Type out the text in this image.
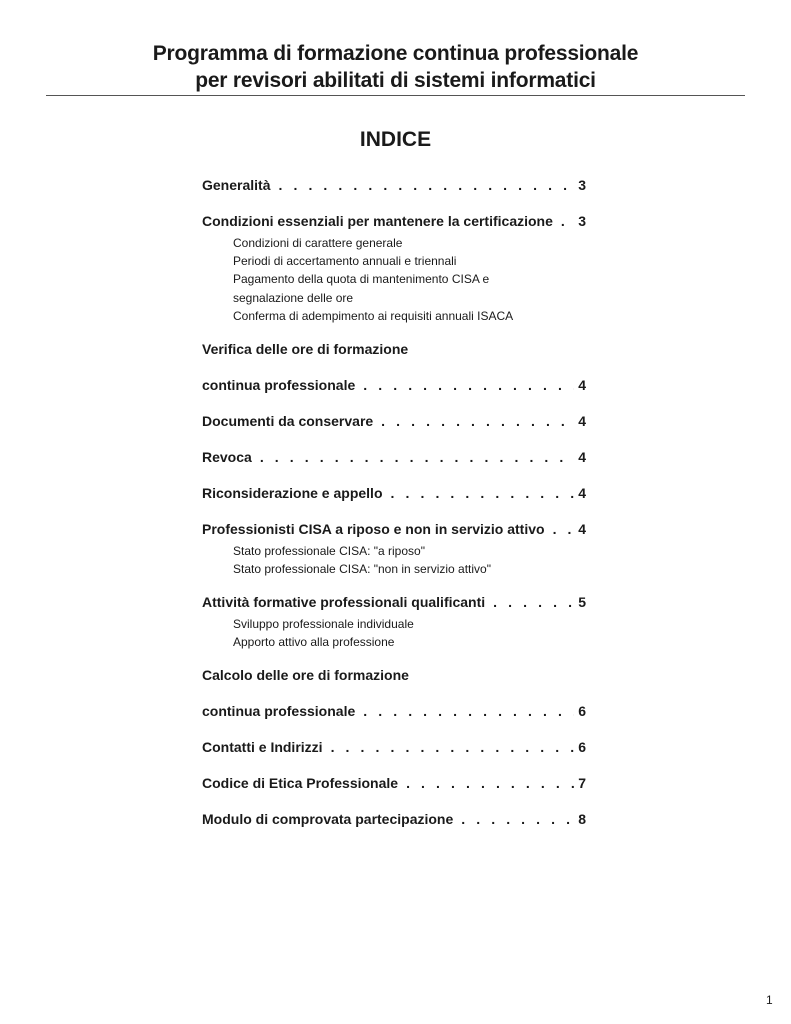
Programma di formazione continua professionale
per revisori abilitati di sistemi informatici
INDICE
Generalità . . .	3
Condizioni essenziali per mantenere la certificazione . . . 3
Condizioni di carattere generale
Periodi di accertamento annuali e triennali
Pagamento della quota di mantenimento CISA e
segnalazione delle ore
Conferma di adempimento ai requisiti annuali ISACA
Verifica delle ore di formazione
continua professionale . . .	4
Documenti da conservare . . .	4
Revoca . . .	4
Riconsiderazione e appello . . .	4
Professionisti CISA a riposo e non in servizio attivo . . . 4
Stato professionale CISA: "a riposo"
Stato professionale CISA: "non in servizio attivo"
Attività formative professionali qualificanti . . .	5
Sviluppo professionale individuale
Apporto attivo alla professione
Calcolo delle ore di formazione
continua professionale . . .	6
Contatti e Indirizzi . . .	6
Codice di Etica Professionale . . .	7
Modulo di comprovata partecipazione . . .	8
1
